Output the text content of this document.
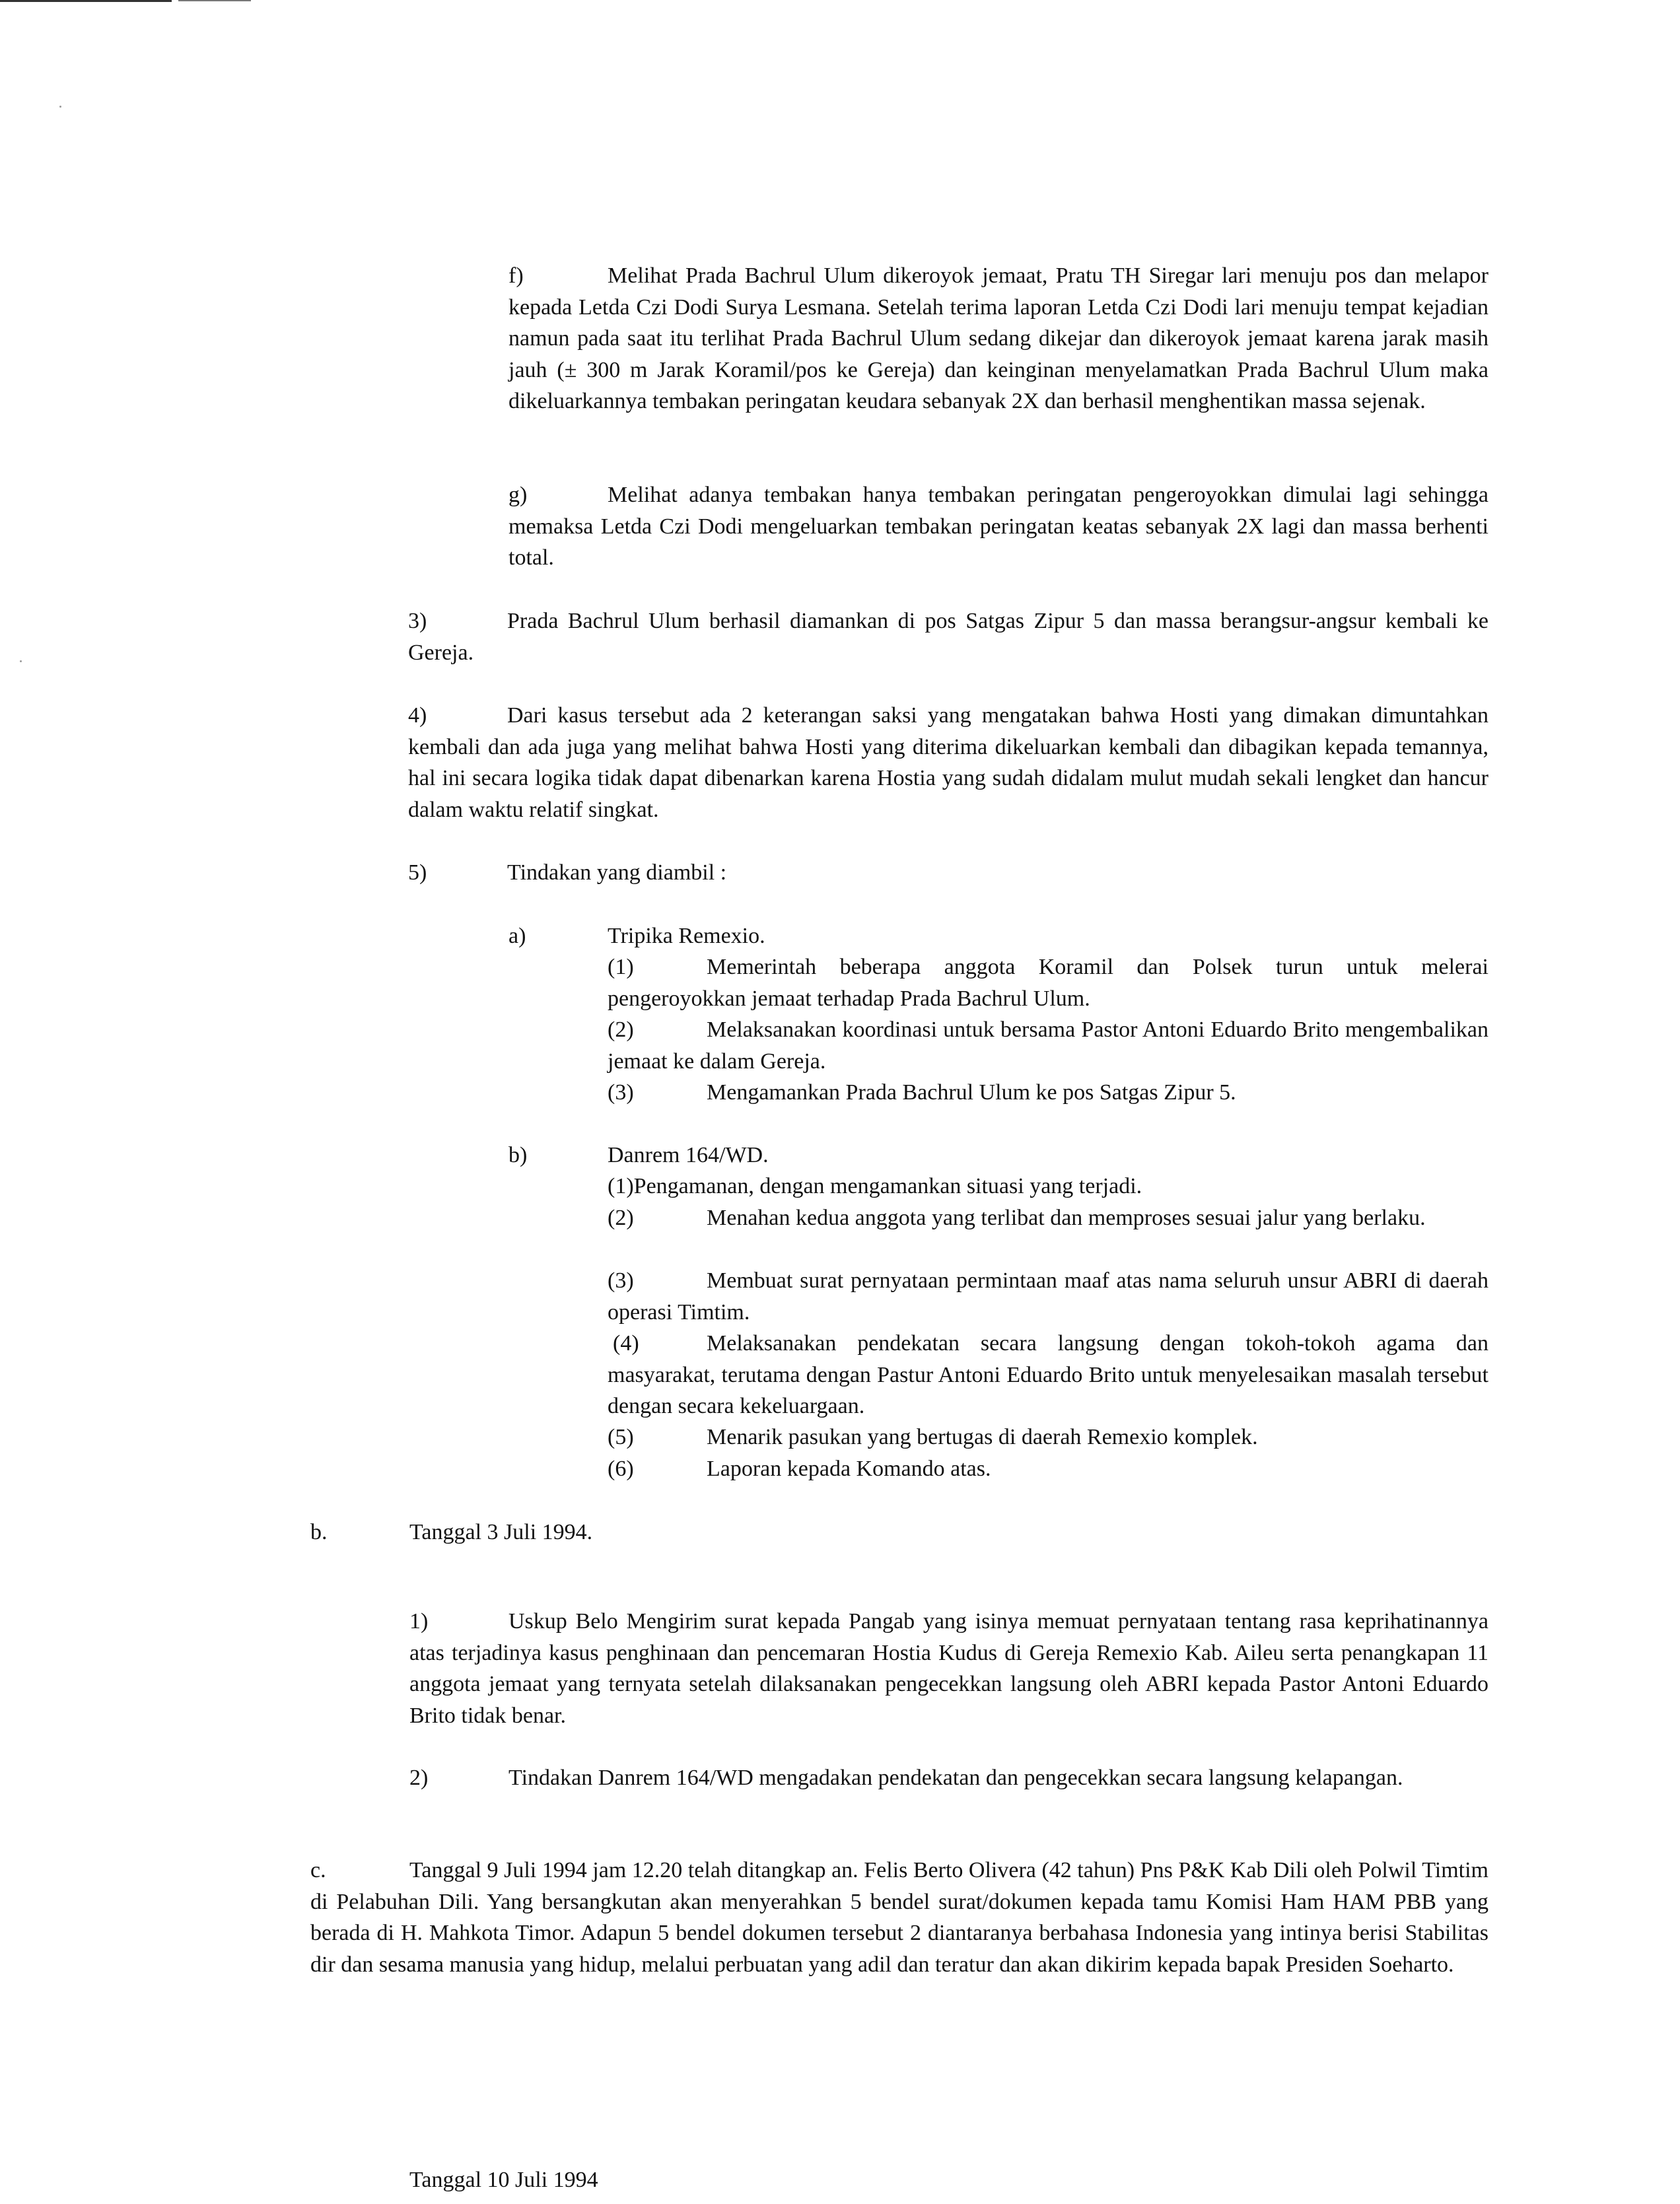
f)	Melihat Prada Bachrul Ulum dikeroyok jemaat, Pratu TH Siregar lari menuju pos dan melapor kepada Letda Czi Dodi Surya Lesmana. Setelah terima laporan Letda Czi Dodi lari menuju tempat kejadian namun pada saat itu terlihat Prada Bachrul Ulum sedang dikejar dan dikeroyok jemaat karena jarak masih jauh (± 300 m Jarak Koramil/pos ke Gereja) dan keinginan menyelamatkan Prada Bachrul Ulum maka dikeluarkannya tembakan peringatan keudara sebanyak 2X dan berhasil menghentikan massa sejenak.
g)	Melihat adanya tembakan hanya tembakan peringatan pengeroyokkan dimulai lagi sehingga memaksa Letda Czi Dodi mengeluarkan tembakan peringatan keatas sebanyak 2X lagi dan massa berhenti total.
3)	Prada Bachrul Ulum berhasil diamankan di pos Satgas Zipur 5 dan massa berangsur-angsur kembali ke Gereja.
4)	Dari kasus tersebut ada 2 keterangan saksi yang mengatakan bahwa Hosti yang dimakan dimuntahkan kembali dan ada juga yang melihat bahwa Hosti yang diterima dikeluarkan kembali dan dibagikan kepada temannya, hal ini secara logika tidak dapat dibenarkan karena Hostia yang sudah didalam mulut mudah sekali lengket dan hancur dalam waktu relatif singkat.
5)	Tindakan yang diambil :
a)	Tripika Remexio.
(1)	Memerintah beberapa anggota Koramil dan Polsek turun untuk melerai pengeroyokkan jemaat terhadap Prada Bachrul Ulum.
(2)	Melaksanakan koordinasi untuk bersama Pastor Antoni Eduardo Brito mengembalikan jemaat ke dalam Gereja.
(3)	Mengamankan Prada Bachrul Ulum ke pos Satgas Zipur 5.
b)	Danrem 164/WD.
(1)Pengamanan, dengan mengamankan situasi yang terjadi.
(2)	Menahan kedua anggota yang terlibat dan memproses sesuai jalur yang berlaku.
(3)	Membuat surat pernyataan permintaan maaf atas nama seluruh unsur ABRI di daerah operasi Timtim.
(4)	Melaksanakan pendekatan secara langsung dengan tokoh-tokoh agama dan masyarakat, terutama dengan Pastur Antoni Eduardo Brito untuk menyelesaikan masalah tersebut dengan secara kekeluargaan.
(5)	Menarik pasukan yang bertugas di daerah Remexio komplek.
(6)	Laporan kepada Komando atas.
b.	Tanggal 3 Juli 1994.
1)	Uskup Belo Mengirim surat kepada Pangab yang isinya memuat pernyataan tentang rasa keprihatinannya atas terjadinya kasus penghinaan dan pencemaran Hostia Kudus di Gereja Remexio Kab. Aileu serta penangkapan 11 anggota jemaat yang ternyata setelah dilaksanakan pengecekkan langsung oleh ABRI kepada Pastor Antoni Eduardo Brito tidak benar.
2)	Tindakan Danrem 164/WD mengadakan pendekatan dan pengecekkan secara langsung kelapangan.
c.	Tanggal 9 Juli 1994 jam 12.20 telah ditangkap an. Felis Berto Olivera (42 tahun) Pns P&K Kab Dili oleh Polwil Timtim di Pelabuhan Dili. Yang bersangkutan akan menyerahkan 5 bendel surat/dokumen kepada tamu Komisi Ham HAM PBB yang berada di H. Mahkota Timor. Adapun 5 bendel dokumen tersebut 2 diantaranya berbahasa Indonesia yang intinya berisi Stabilitas dir dan sesama manusia yang hidup, melalui perbuatan yang adil dan teratur dan akan dikirim kepada bapak Presiden Soeharto.
Tanggal 10 Juli 1994
